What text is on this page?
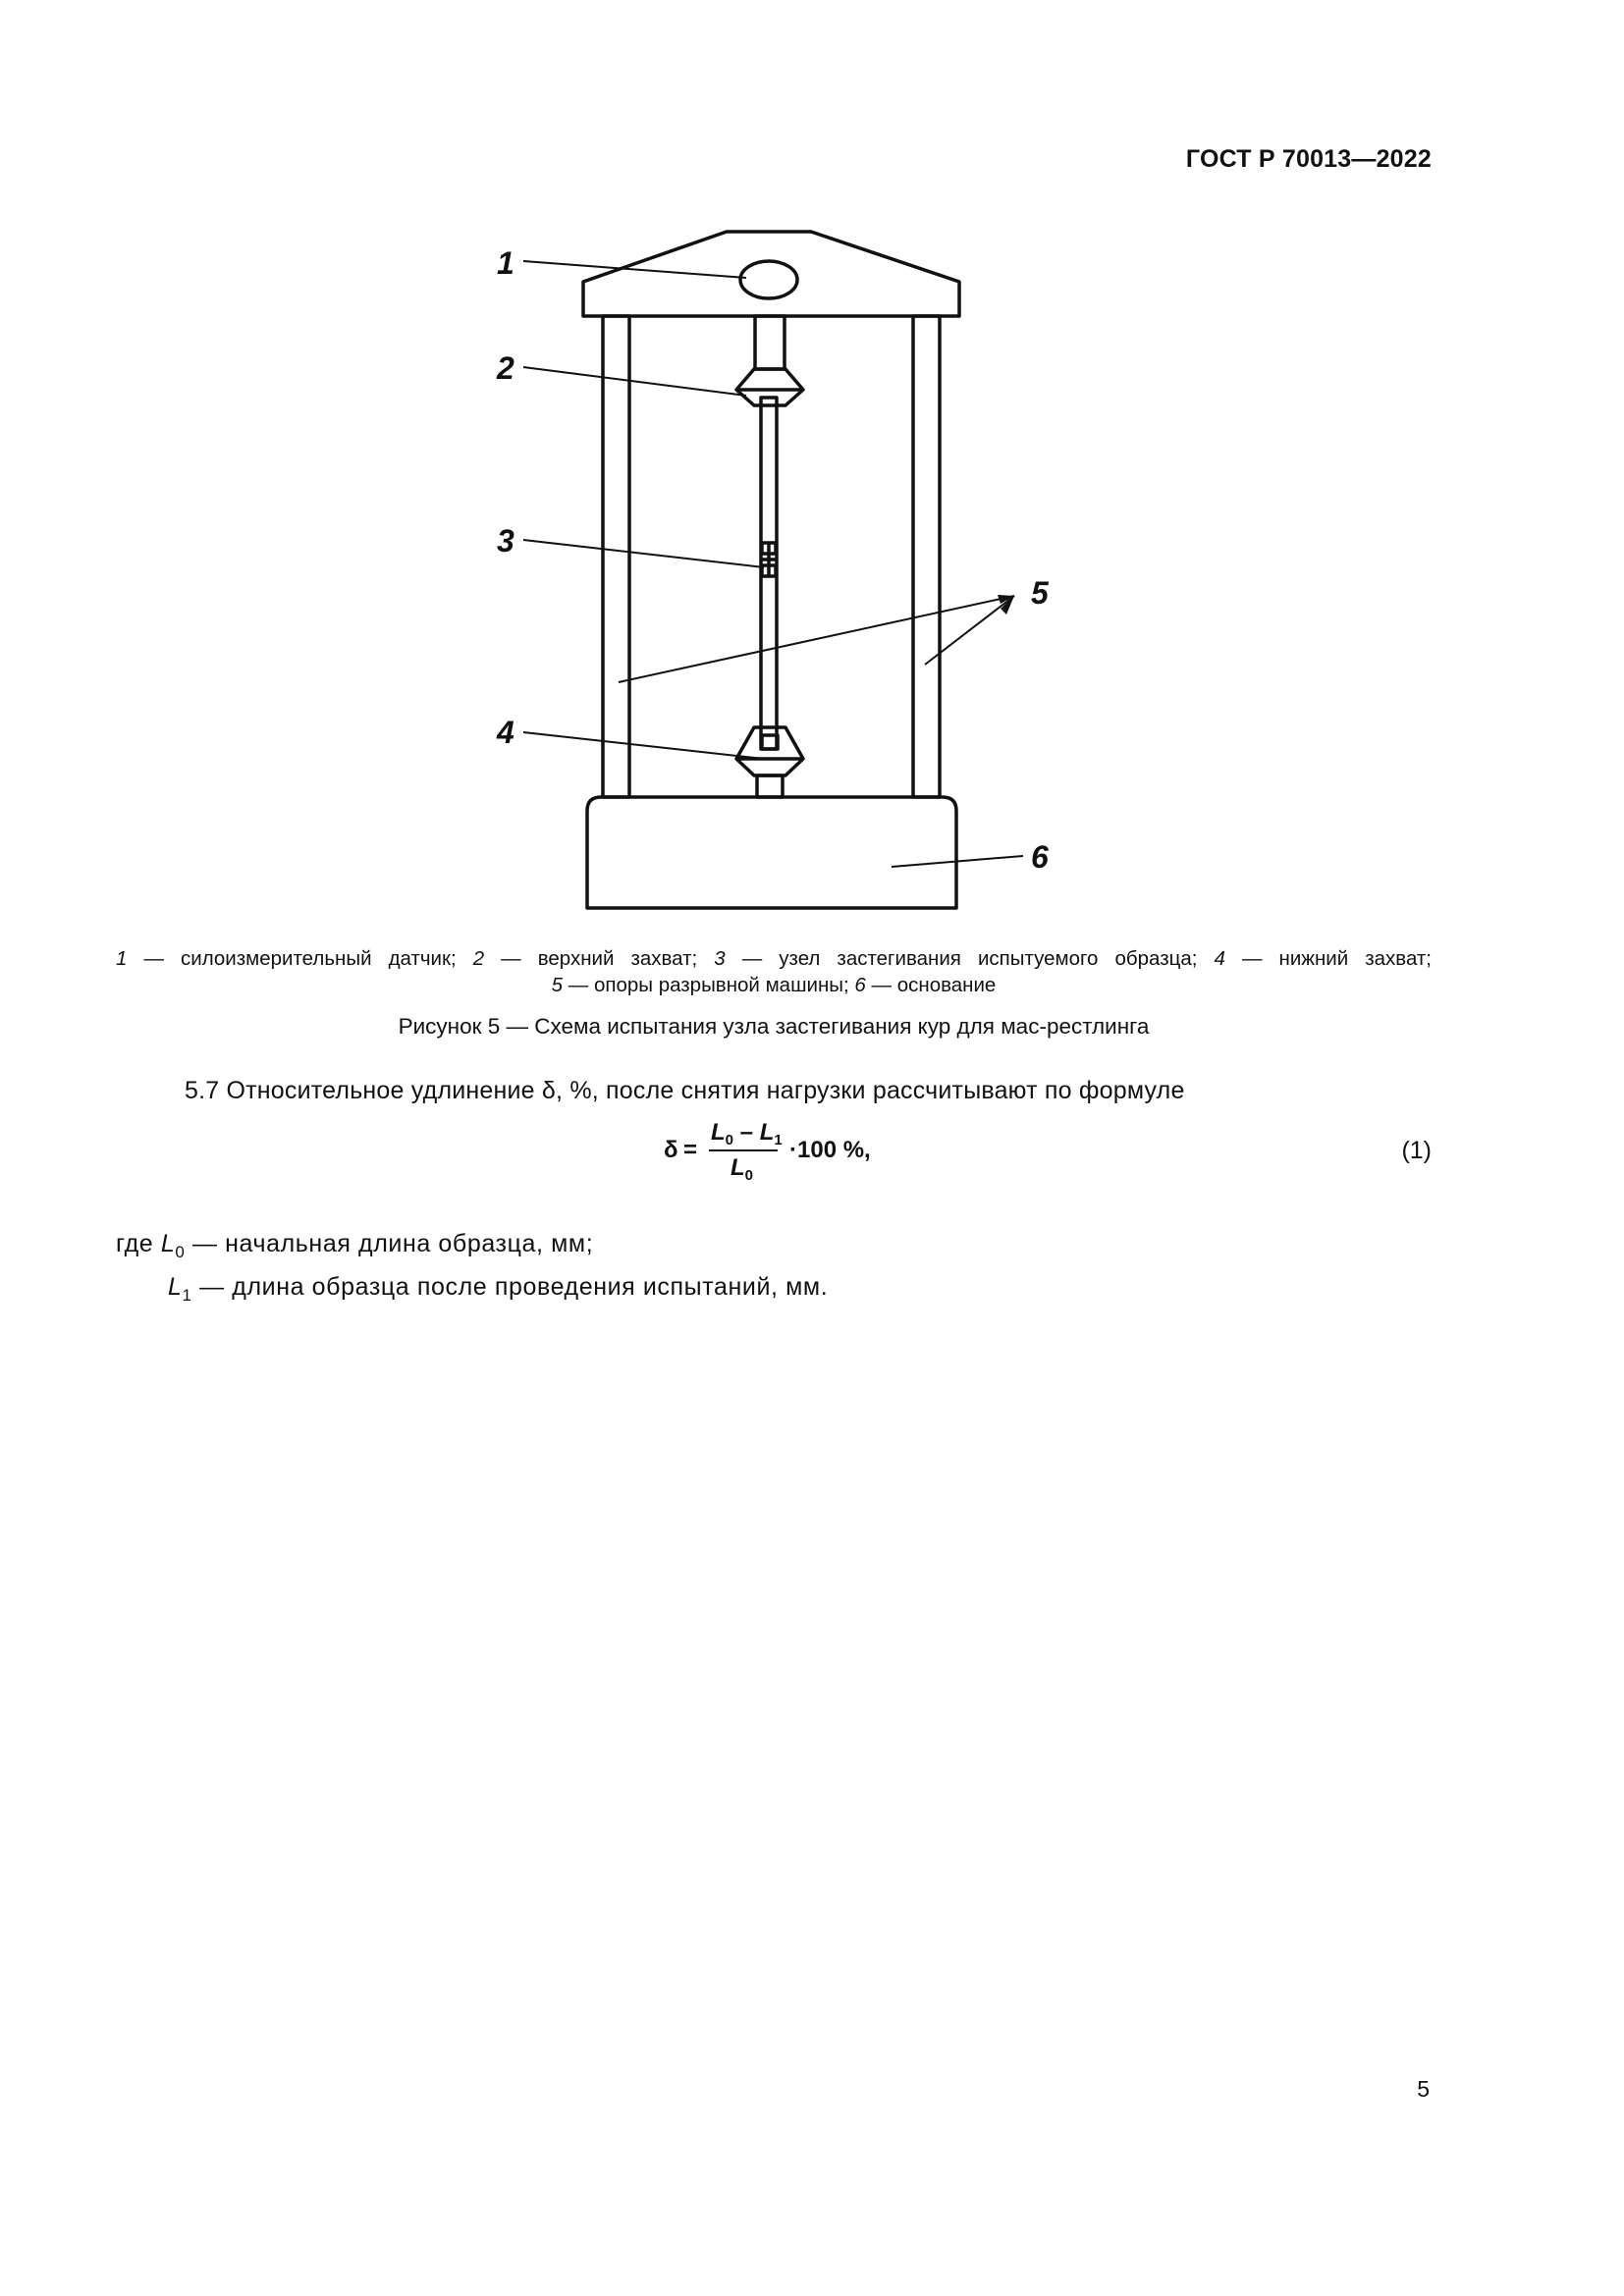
ГОСТ Р 70013—2022
1
2
3
4
5
6
1 — силоизмерительный датчик; 2 — верхний захват; 3 — узел застегивания испытуемого образца; 4 — нижний захват;
5 — опоры разрывной машины; 6 — основание
Рисунок 5 — Схема испытания узла застегивания кур для мас-рестлинга
5.7 Относительное удлинение δ, %, после снятия нагрузки рассчитывают по формуле
δ =
$L_0 - L_1$
$L_0$
·100 %,	(1)
где $L_0$ — начальная длина образца, мм;
$L_1$ — длина образца после проведения испытаний, мм.
5
